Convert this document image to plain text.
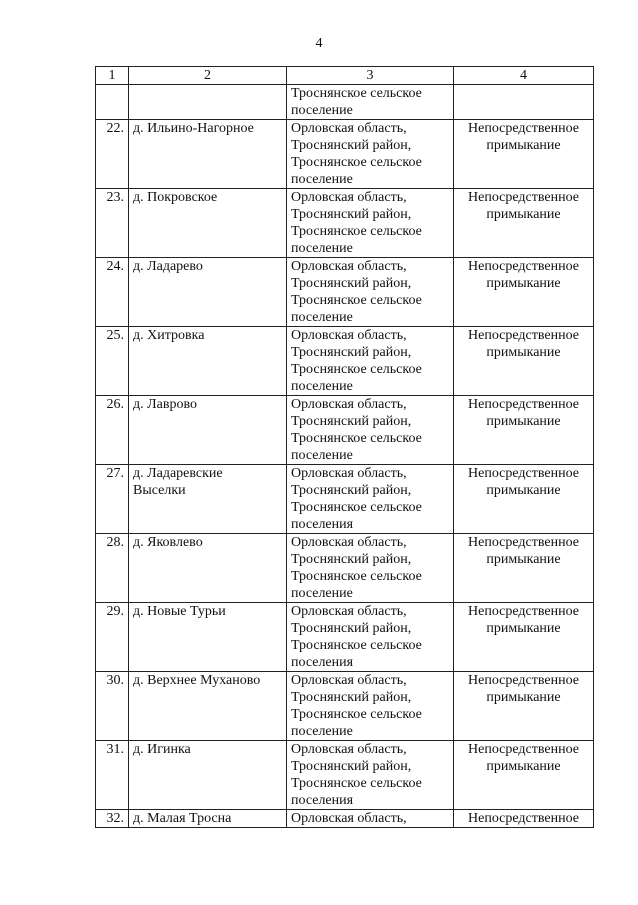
4
1	2	3	4

		Троснянское сельское
поселение	

22.	д. Ильино-Нагорное	Орловская область,
Троснянский район,
Троснянское сельское
поселение	Непосредственное
примыкание

23.	д. Покровское	Орловская область,
Троснянский район,
Троснянское сельское
поселение	Непосредственное
примыкание

24.	д. Ладарево	Орловская область,
Троснянский район,
Троснянское сельское
поселение	Непосредственное
примыкание

25.	д. Хитровка	Орловская область,
Троснянский район,
Троснянское сельское
поселение	Непосредственное
примыкание

26.	д. Лаврово	Орловская область,
Троснянский район,
Троснянское сельское
поселение	Непосредственное
примыкание

27.	д. Ладаревские
Выселки	Орловская область,
Троснянский район,
Троснянское сельское
поселения	Непосредственное
примыкание

28.	д. Яковлево	Орловская область,
Троснянский район,
Троснянское сельское
поселение	Непосредственное
примыкание

29.	д. Новые Турьи	Орловская область,
Троснянский район,
Троснянское сельское
поселения	Непосредственное
примыкание

30.	д. Верхнее Муханово	Орловская область,
Троснянский район,
Троснянское сельское
поселение	Непосредственное
примыкание

31.	д. Игинка	Орловская область,
Троснянский район,
Троснянское сельское
поселения	Непосредственное
примыкание

32.	д. Малая Тросна	Орловская область,	Непосредственное
